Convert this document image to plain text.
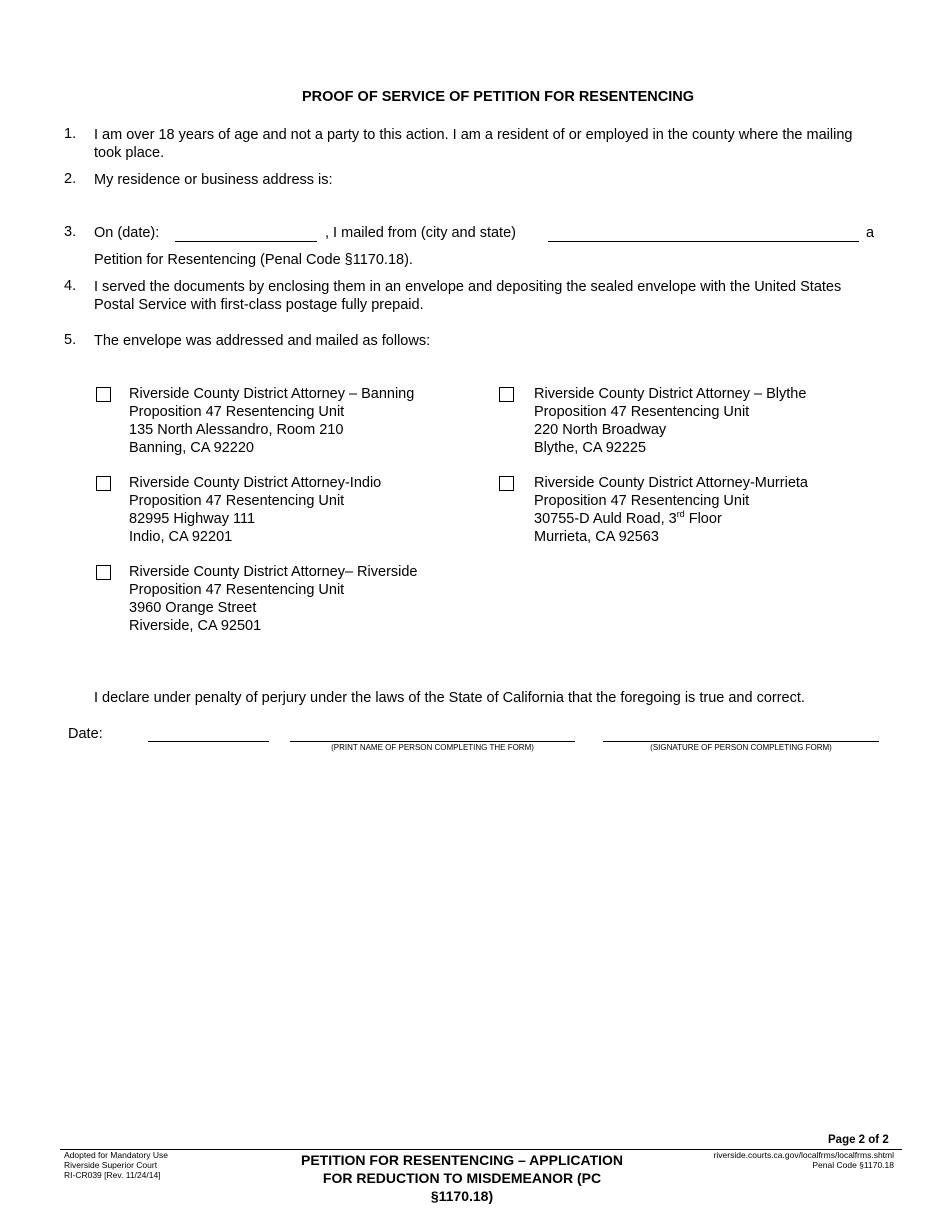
PROOF OF SERVICE OF PETITION FOR RESENTENCING
1. I am over 18 years of age and not a party to this action. I am a resident of or employed in the county where the mailing took place.
2. My residence or business address is:
3. On (date):	, I mailed from (city and state)	a
Petition for Resentencing (Penal Code §1170.18).
4. I served the documents by enclosing them in an envelope and depositing the sealed envelope with the United States Postal Service with first-class postage fully prepaid.
5. The envelope was addressed and mailed as follows:
Riverside County District Attorney – Banning
Proposition 47 Resentencing Unit
135 North Alessandro, Room 210
Banning, CA 92220
Riverside County District Attorney – Blythe
Proposition 47 Resentencing Unit
220 North Broadway
Blythe, CA 92225
Riverside County District Attorney-Indio
Proposition 47 Resentencing Unit
82995 Highway 111
Indio, CA 92201
Riverside County District Attorney-Murrieta
Proposition 47 Resentencing Unit
30755-D Auld Road, 3rd Floor
Murrieta, CA 92563
Riverside County District Attorney– Riverside
Proposition 47 Resentencing Unit
3960 Orange Street
Riverside, CA 92501
I declare under penalty of perjury under the laws of the State of California that the foregoing is true and correct.
Date:
(PRINT NAME OF PERSON COMPLETING THE FORM)	(SIGNATURE OF PERSON COMPLETING FORM)
Page 2 of 2
Adopted for Mandatory Use
Riverside Superior Court
RI-CR039 [Rev. 11/24/14]
PETITION FOR RESENTENCING – APPLICATION
FOR REDUCTION TO MISDEMEANOR (PC
§1170.18)
riverside.courts.ca.gov/localfrms/localfrms.shtml
Penal Code §1170.18
